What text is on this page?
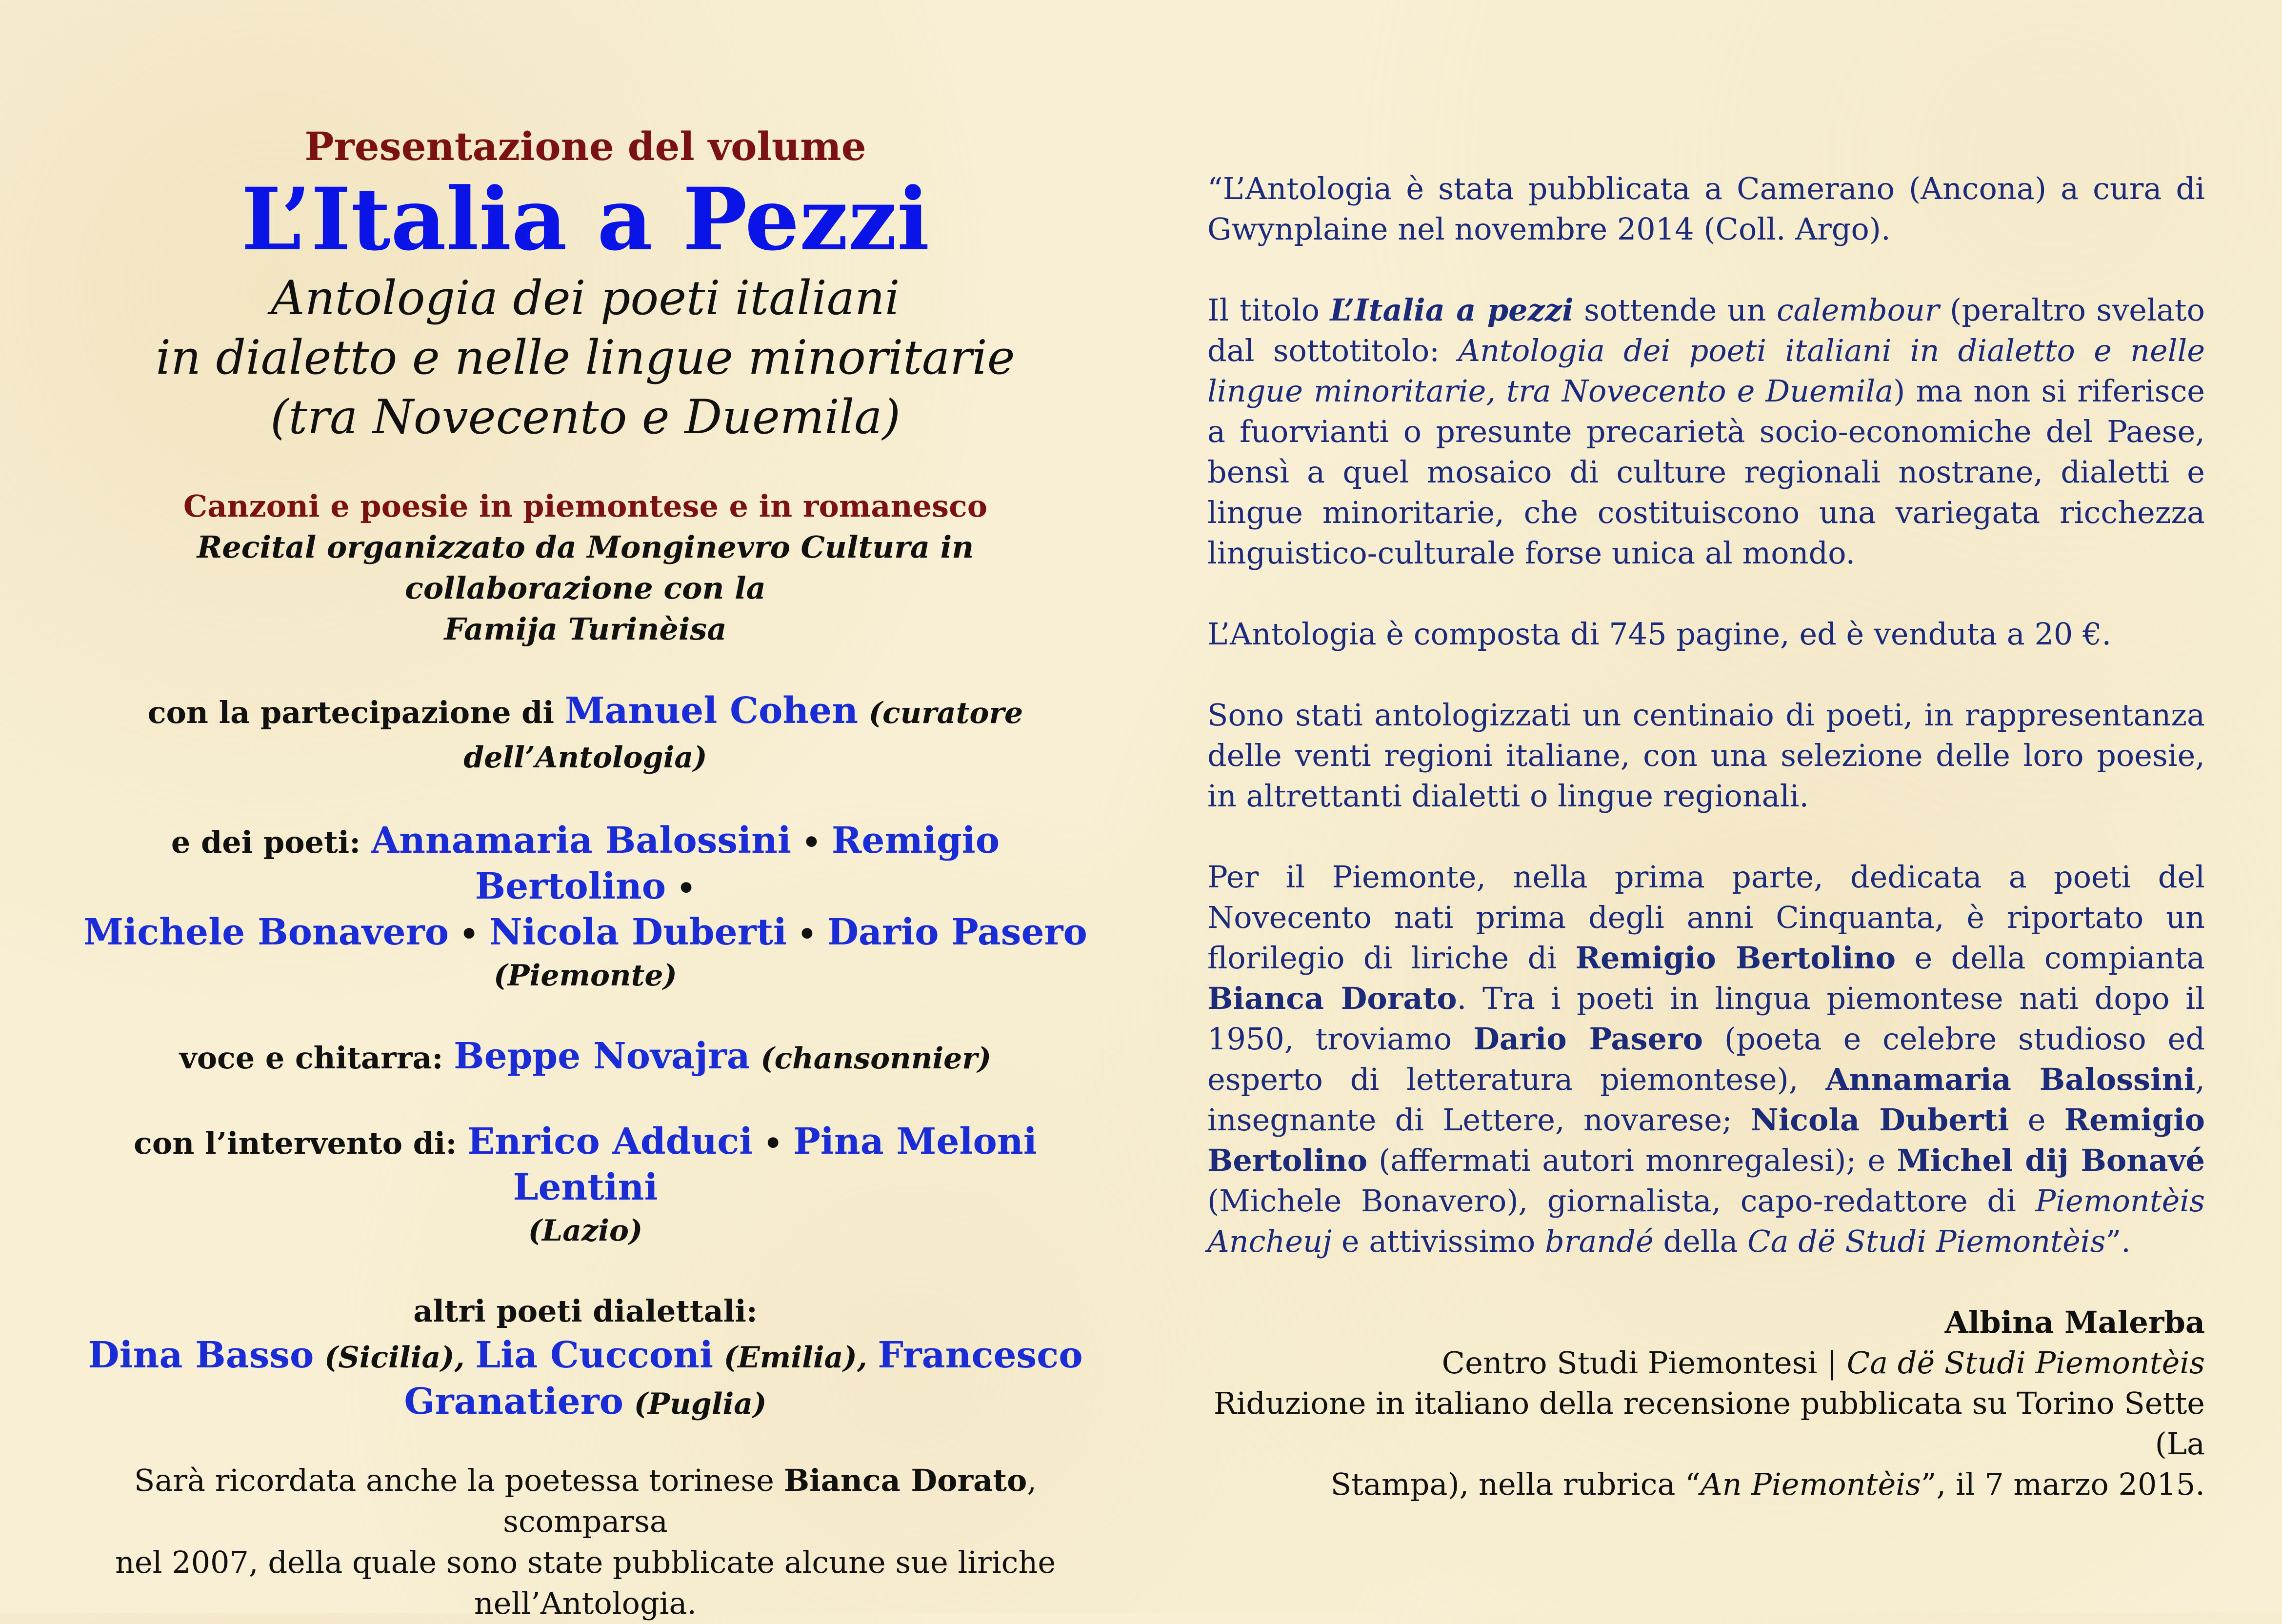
Presentazione del volume

L’Italia a Pezzi

Antologia dei poeti italiani

in dialetto e nelle lingue minoritarie

(tra Novecento e Duemila)

Canzoni e poesie in piemontese e in romanesco

Recital organizzato da Monginevro Cultura in collaborazione con la

Famija Turinèisa

con la partecipazione di Manuel Cohen (curatore dell’Antologia)

e dei poeti: Annamaria Balossini • Remigio Bertolino •

Michele Bonavero • Nicola Duberti • Dario Pasero

(Piemonte)

voce e chitarra: Beppe Novajra (chansonnier)

con l’intervento di: Enrico Adduci • Pina Meloni Lentini

(Lazio)

altri poeti dialettali:

Dina Basso (Sicilia), Lia Cucconi (Emilia), Francesco

Granatiero (Puglia)

Sarà ricordata anche la poetessa torinese Bianca Dorato, scomparsa

nel 2007, della quale sono state pubblicate alcune sue liriche

nell’Antologia.

“L’Antologia è stata pubblicata a Camerano (Ancona) a cura di Gwynplaine nel novembre 2014 (Coll. Argo).

Il titolo L’Italia a pezzi sottende un calembour (peraltro svelato dal sottotitolo: Antologia dei poeti italiani in dialetto e nelle lingue minoritarie, tra Novecento e Duemila) ma non si riferisce a fuorvianti o presunte precarietà socio-economiche del Paese, bensì a quel mosaico di culture regionali nostrane, dialetti e lingue minoritarie, che costituiscono una variegata ricchezza linguistico-culturale forse unica al mondo.

L’Antologia è composta di 745 pagine, ed è venduta a 20 €.

Sono stati antologizzati un centinaio di poeti, in rappresentanza delle venti regioni italiane, con una selezione delle loro poesie, in altrettanti dialetti o lingue regionali.

Per il Piemonte, nella prima parte, dedicata a poeti del Novecento nati prima degli anni Cinquanta, è riportato un florilegio di liriche di Remigio Bertolino e della compianta Bianca Dorato. Tra i poeti in lingua piemontese nati dopo il 1950, troviamo Dario Pasero (poeta e celebre studioso ed esperto di letteratura piemontese), Annamaria Balossini, insegnante di Lettere, novarese; Nicola Duberti e Remigio Bertolino (affermati autori monregalesi); e Michel dij Bonavé (Michele Bonavero), giornalista, capo-redattore di Piemontèis Ancheuj e attivissimo brandé della Ca dë Studi Piemontèis”.

Albina Malerba

Centro Studi Piemontesi | Ca dë Studi Piemontèis

Riduzione in italiano della recensione pubblicata su Torino Sette (La

Stampa), nella rubrica “An Piemontèis”, il 7 marzo 2015.
